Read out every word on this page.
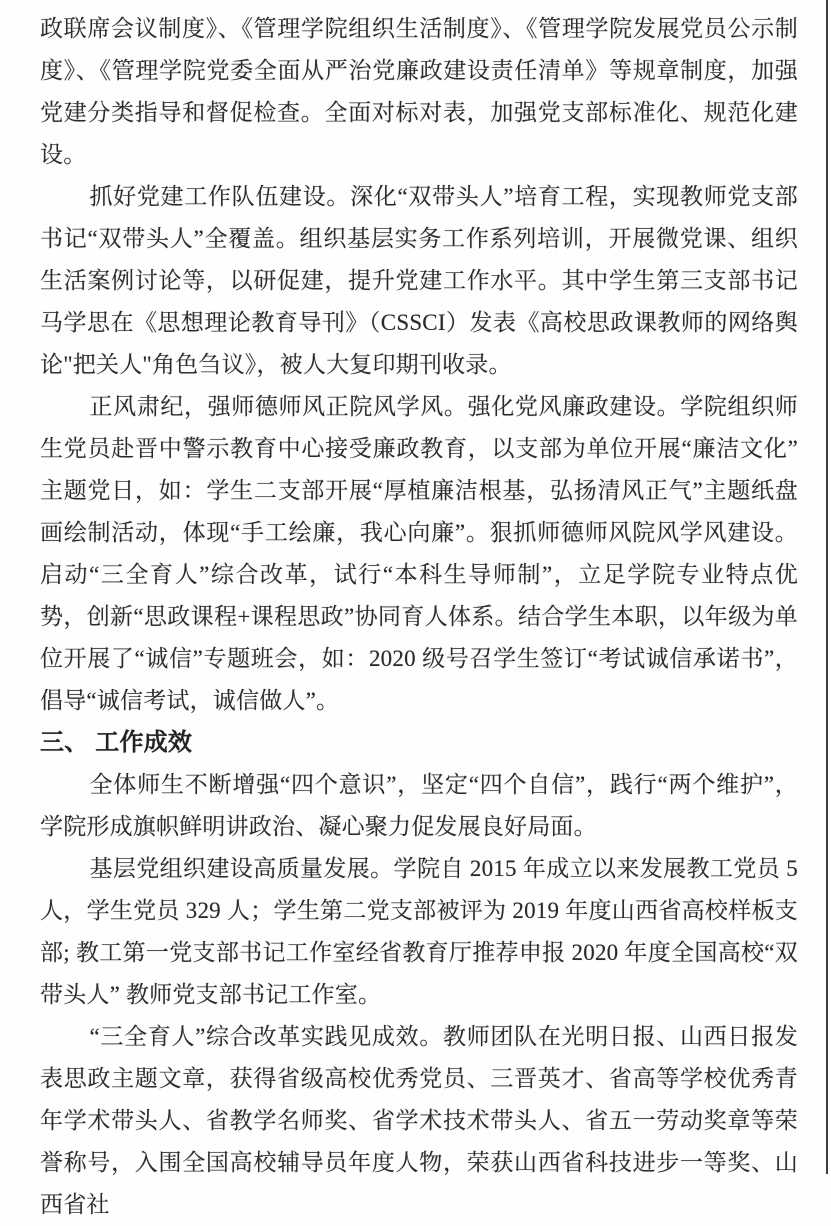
政联席会议制度》、《管理学院组织生活制度》、《管理学院发展党员公示制度》、《管理学院党委全面从严治党廉政建设责任清单》等规章制度，加强党建分类指导和督促检查。全面对标对表，加强党支部标准化、规范化建设。

抓好党建工作队伍建设。深化“双带头人”培育工程，实现教师党支部书记“双带头人”全覆盖。组织基层实务工作系列培训，开展微党课、组织生活案例讨论等，以研促建，提升党建工作水平。其中学生第三支部书记马学思在《思想理论教育导刊》（CSSCI）发表《高校思政课教师的网络舆论"把关人"角色刍议》，被人大复印期刊收录。

正风肃纪，强师德师风正院风学风。强化党风廉政建设。学院组织师生党员赴晋中警示教育中心接受廉政教育，以支部为单位开展“廉洁文化”主题党日，如：学生二支部开展“厚植廉洁根基，弘扬清风正气”主题纸盘画绘制活动，体现“手工绘廉，我心向廉”。狠抓师德师风院风学风建设。启动“三全育人”综合改革，试行“本科生导师制”，立足学院专业特点优势，创新“思政课程+课程思政”协同育人体系。结合学生本职，以年级为单位开展了“诚信”专题班会，如：2020 级号召学生签订“考试诚信承诺书”，倡导“诚信考试，诚信做人”。

三、 工作成效

全体师生不断增强“四个意识”，坚定“四个自信”，践行“两个维护”，学院形成旗帜鲜明讲政治、凝心聚力促发展良好局面。

基层党组织建设高质量发展。学院自 2015 年成立以来发展教工党员 5 人，学生党员 329 人；学生第二党支部被评为 2019 年度山西省高校样板支部; 教工第一党支部书记工作室经省教育厅推荐申报 2020 年度全国高校“双带头人” 教师党支部书记工作室。

“三全育人”综合改革实践见成效。教师团队在光明日报、山西日报发表思政主题文章，获得省级高校优秀党员、三晋英才、省高等学校优秀青年学术带头人、省教学名师奖、省学术技术带头人、省五一劳动奖章等荣誉称号，入围全国高校辅导员年度人物，荣获山西省科技进步一等奖、山西省社
